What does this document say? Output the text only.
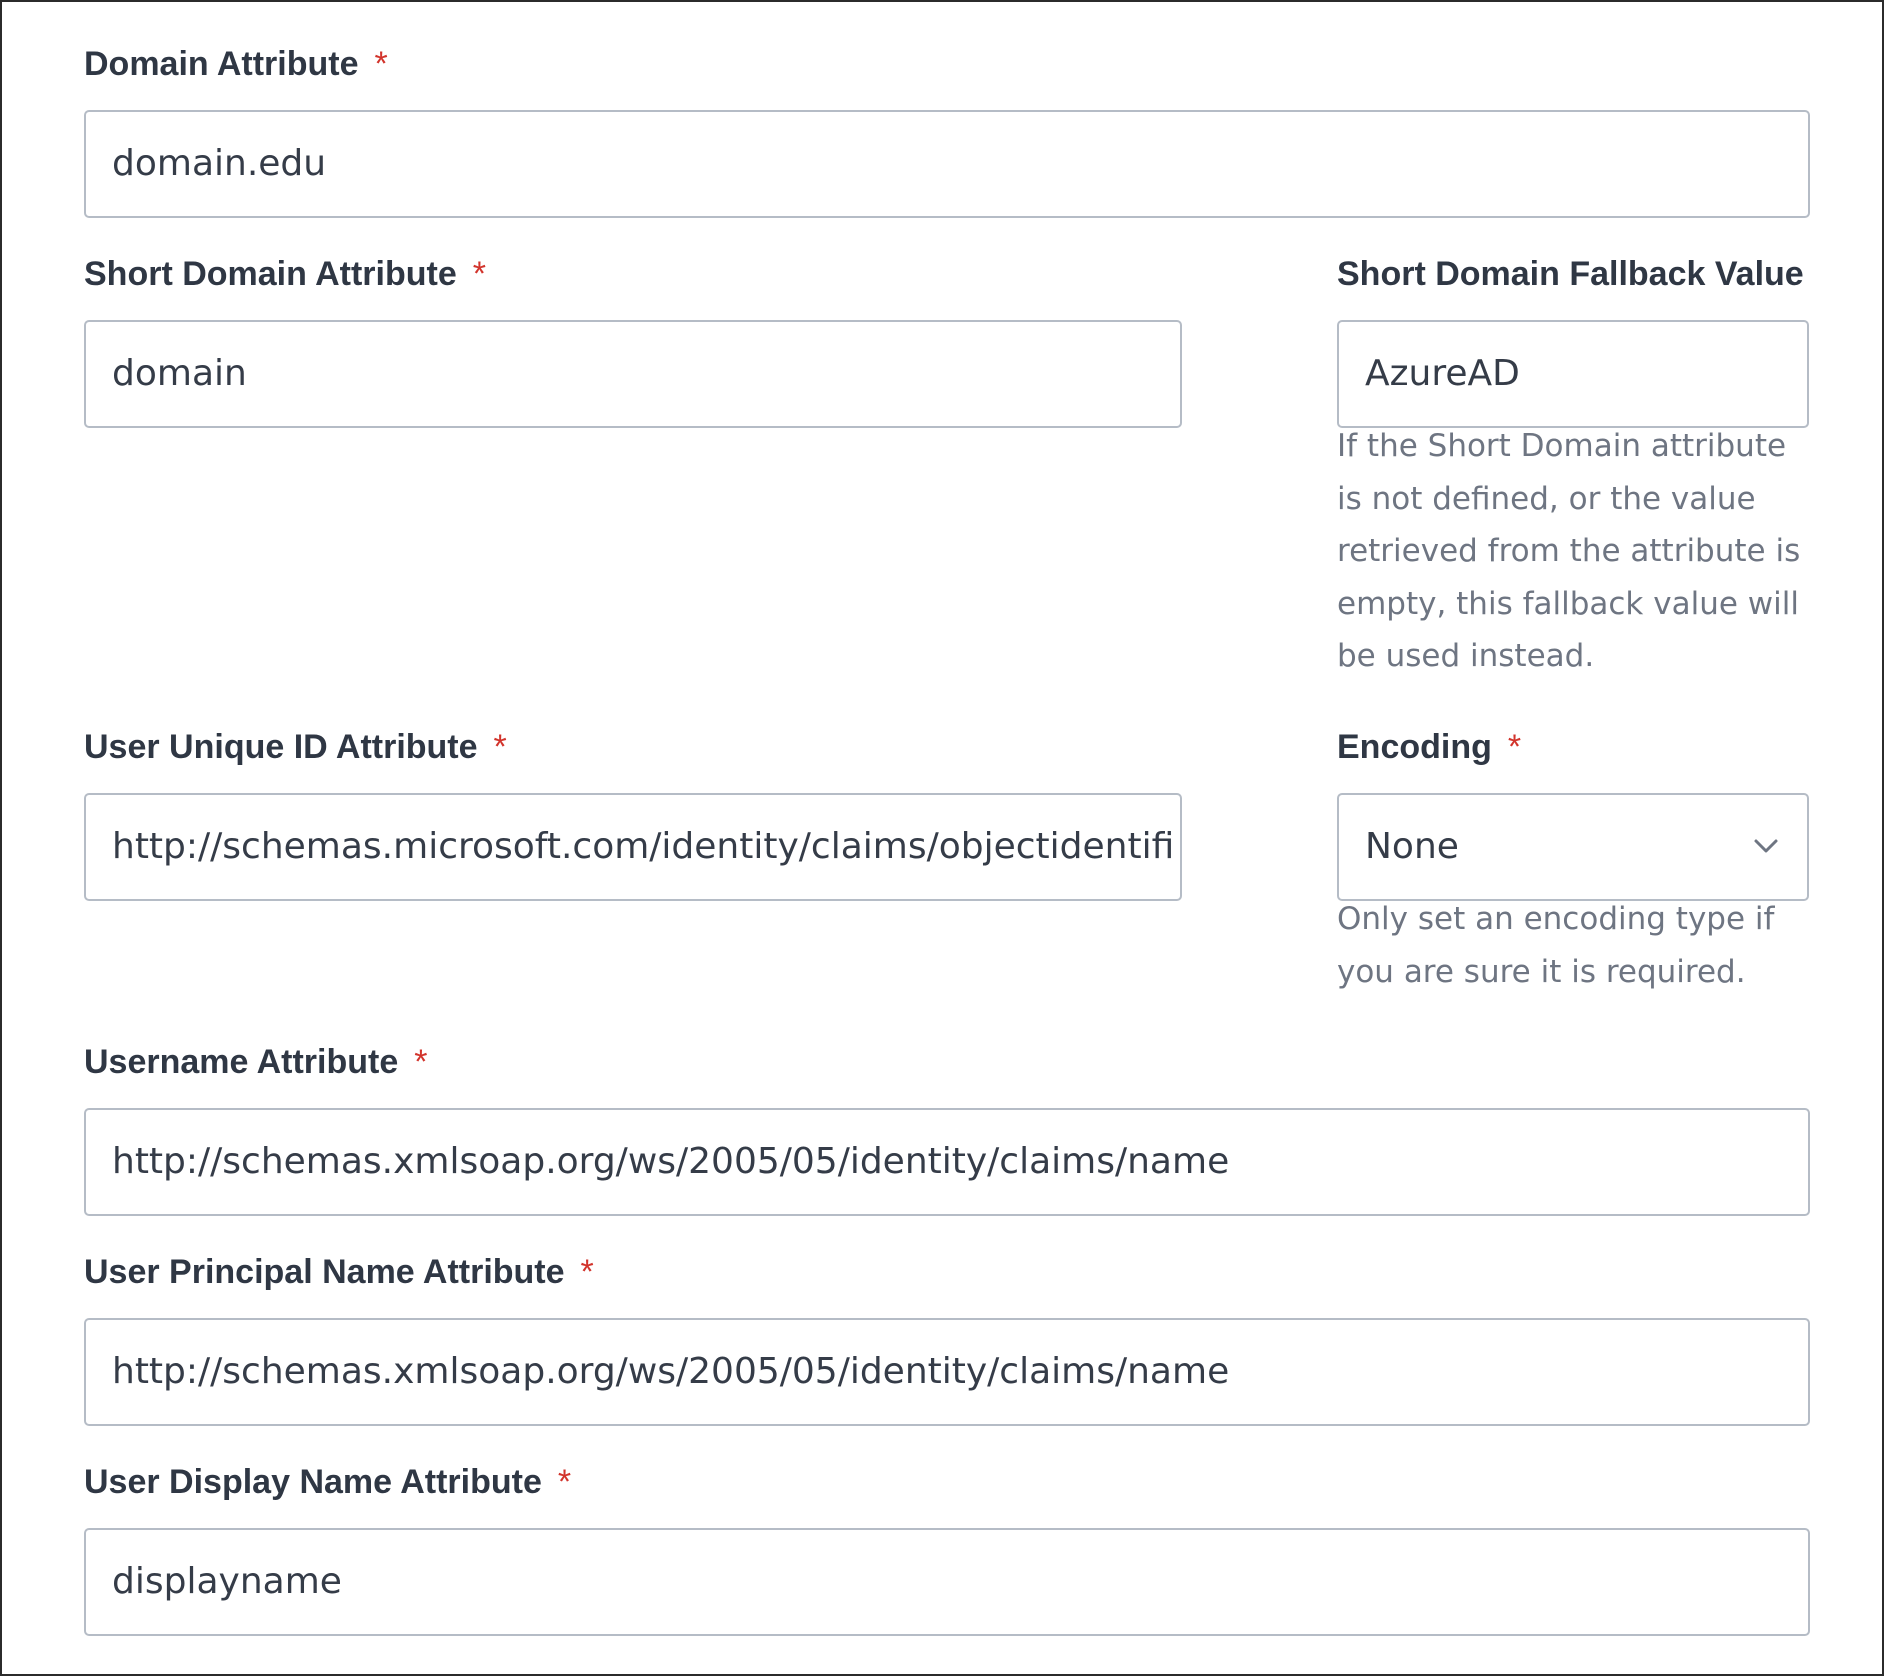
Domain Attribute *
domain.edu
Short Domain Attribute *
domain
Short Domain Fallback Value
AzureAD
If the Short Domain attribute
is not defined, or the value
retrieved from the attribute is
empty, this fallback value will
be used instead.
User Unique ID Attribute *
http://schemas.microsoft.com/identity/claims/objectidentifi
Encoding *
None
Only set an encoding type if
you are sure it is required.
Username Attribute *
http://schemas.xmlsoap.org/ws/2005/05/identity/claims/name
User Principal Name Attribute *
http://schemas.xmlsoap.org/ws/2005/05/identity/claims/name
User Display Name Attribute *
displayname
